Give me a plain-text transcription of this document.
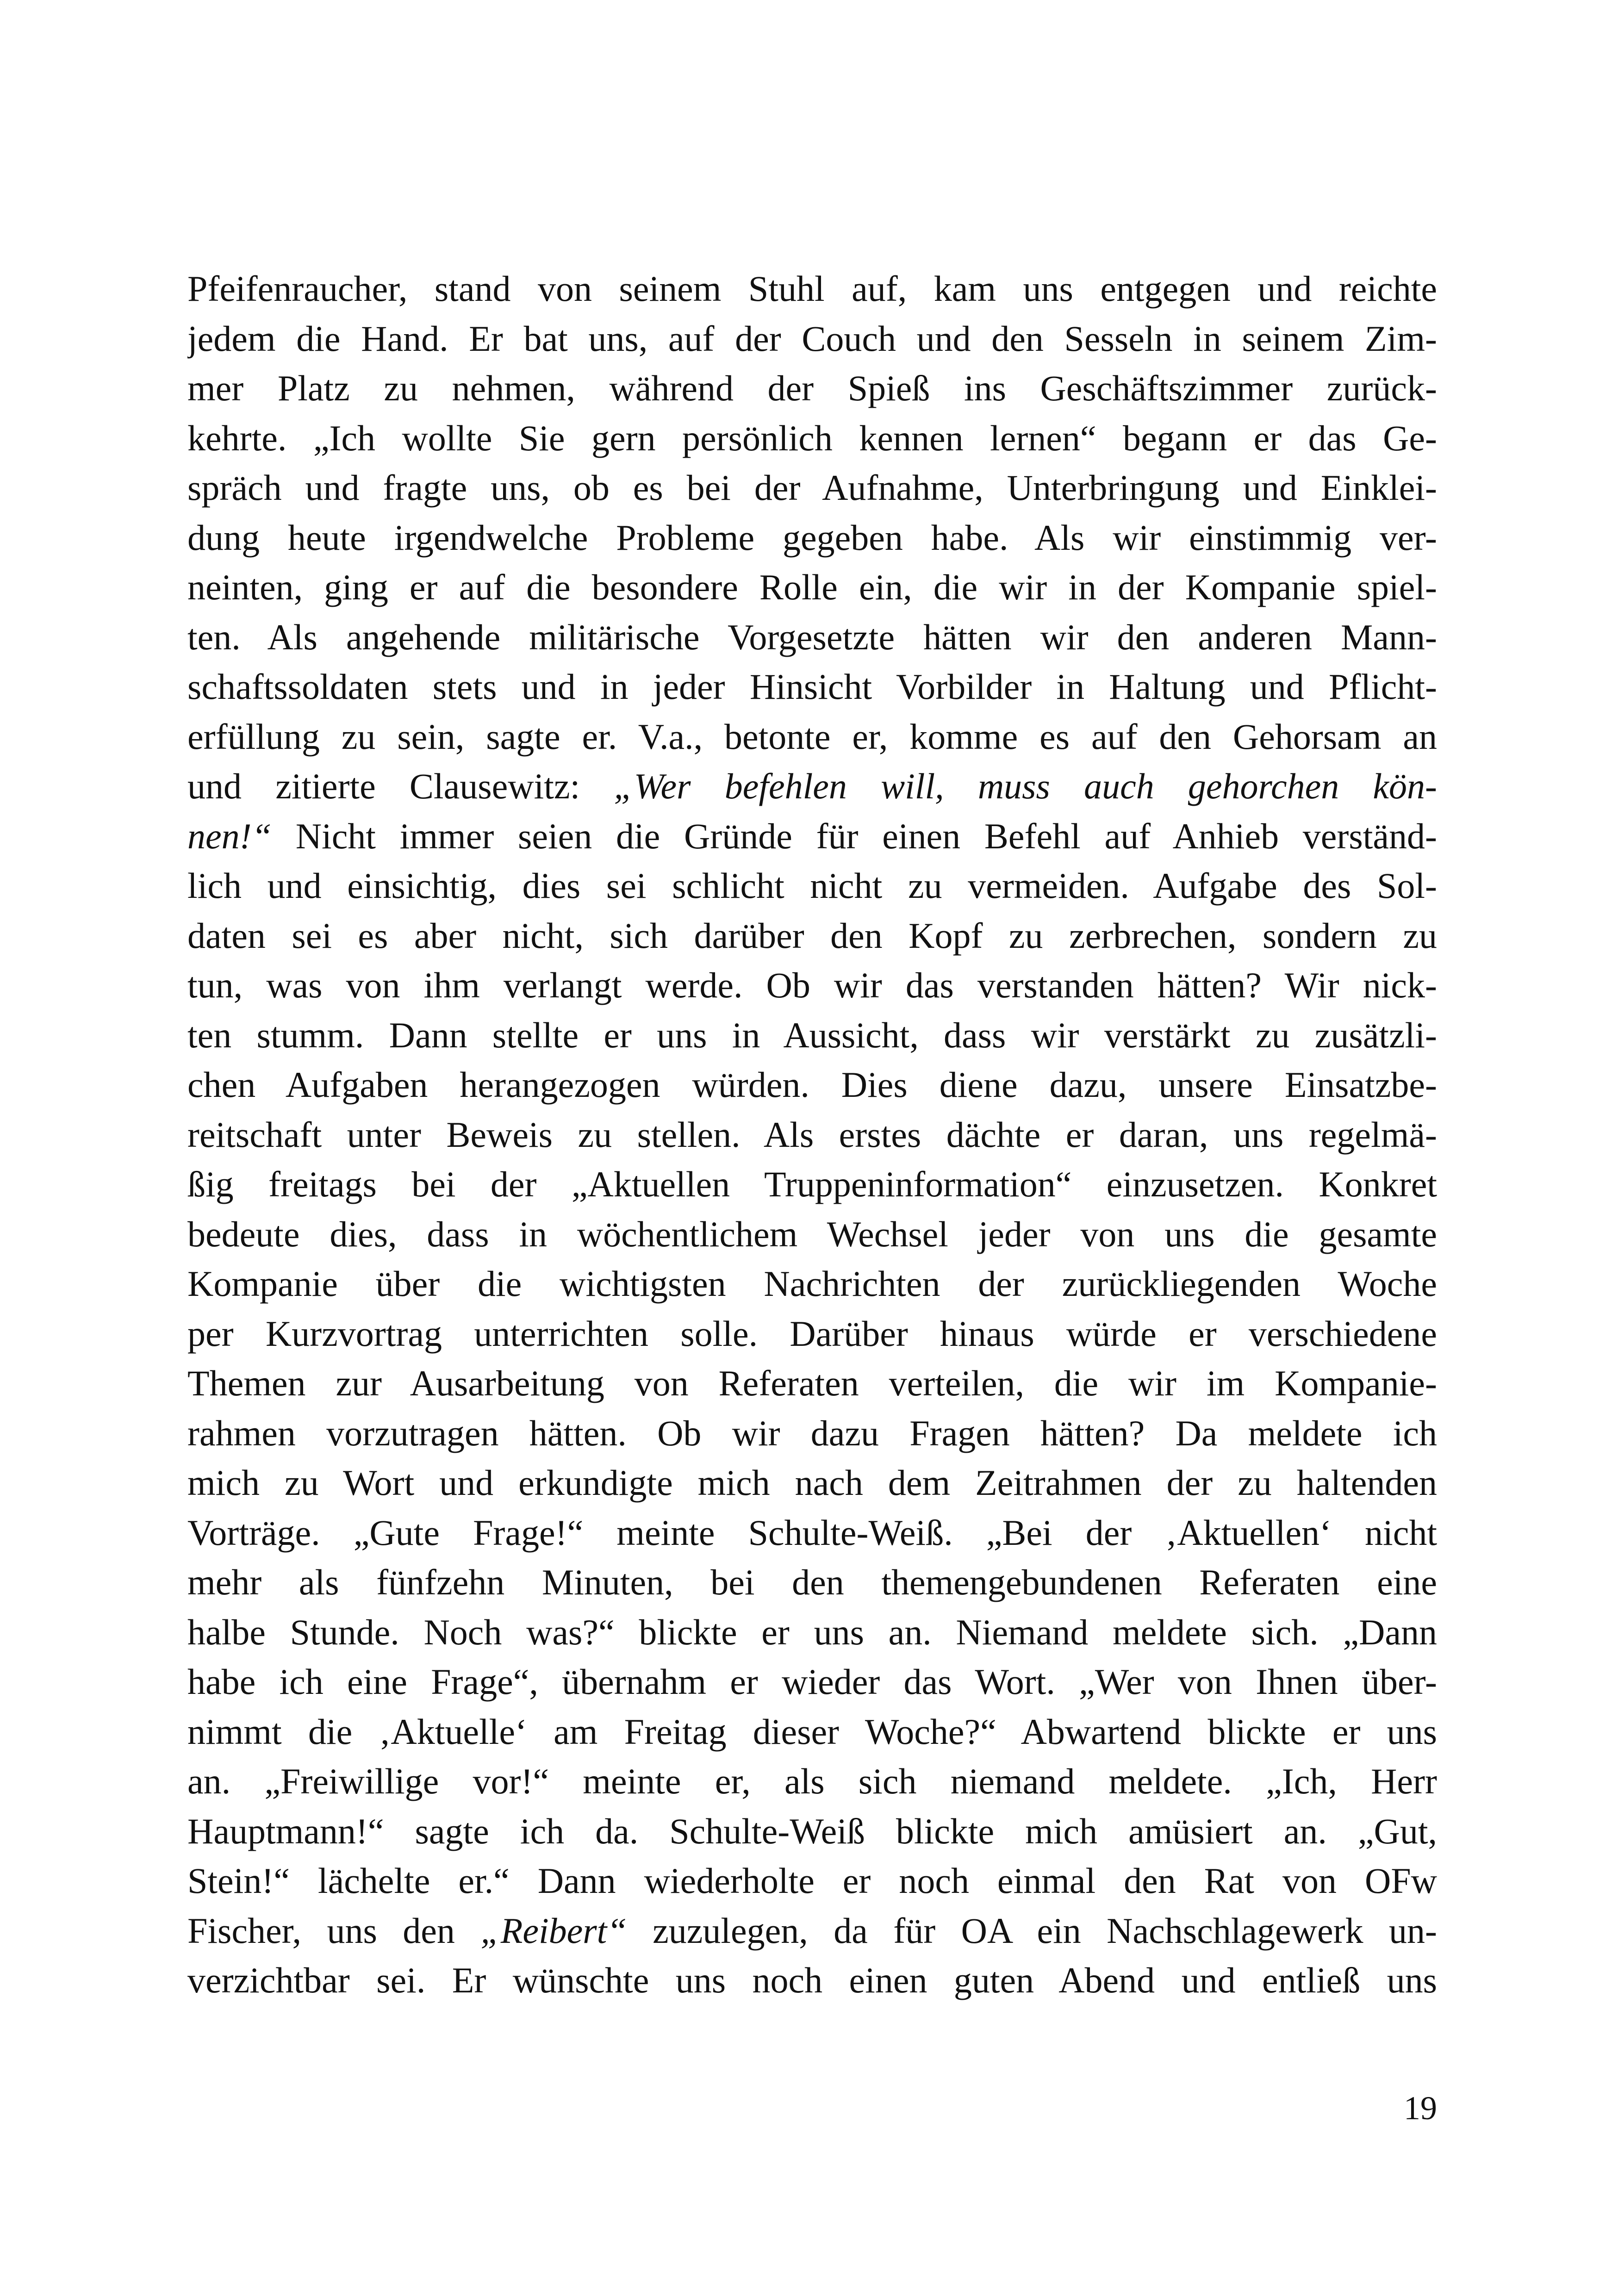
Pfeifenraucher, stand von seinem Stuhl auf, kam uns entgegen und reichte
jedem die Hand. Er bat uns, auf der Couch und den Sesseln in seinem Zim-
mer Platz zu nehmen, während der Spieß ins Geschäftszimmer zurück-
kehrte. „Ich wollte Sie gern persönlich kennen lernen“ begann er das Ge-
spräch und fragte uns, ob es bei der Aufnahme, Unterbringung und Einklei-
dung heute irgendwelche Probleme gegeben habe. Als wir einstimmig ver-
neinten, ging er auf die besondere Rolle ein, die wir in der Kompanie spiel-
ten. Als angehende militärische Vorgesetzte hätten wir den anderen Mann-
schaftssoldaten stets und in jeder Hinsicht Vorbilder in Haltung und Pflicht-
erfüllung zu sein, sagte er. V.a., betonte er, komme es auf den Gehorsam an
und zitierte Clausewitz: „Wer befehlen will, muss auch gehorchen kön-
nen!“ Nicht immer seien die Gründe für einen Befehl auf Anhieb verständ-
lich und einsichtig, dies sei schlicht nicht zu vermeiden. Aufgabe des Sol-
daten sei es aber nicht, sich darüber den Kopf zu zerbrechen, sondern zu
tun, was von ihm verlangt werde. Ob wir das verstanden hätten? Wir nick-
ten stumm. Dann stellte er uns in Aussicht, dass wir verstärkt zu zusätzli-
chen Aufgaben herangezogen würden. Dies diene dazu, unsere Einsatzbe-
reitschaft unter Beweis zu stellen. Als erstes dächte er daran, uns regelmä-
ßig freitags bei der „Aktuellen Truppeninformation“ einzusetzen. Konkret
bedeute dies, dass in wöchentlichem Wechsel jeder von uns die gesamte
Kompanie über die wichtigsten Nachrichten der zurückliegenden Woche
per Kurzvortrag unterrichten solle. Darüber hinaus würde er verschiedene
Themen zur Ausarbeitung von Referaten verteilen, die wir im Kompanie-
rahmen vorzutragen hätten. Ob wir dazu Fragen hätten? Da meldete ich
mich zu Wort und erkundigte mich nach dem Zeitrahmen der zu haltenden
Vorträge. „Gute Frage!“ meinte Schulte-Weiß. „Bei der ‚Aktuellen‘ nicht
mehr als fünfzehn Minuten, bei den themengebundenen Referaten eine
halbe Stunde. Noch was?“ blickte er uns an. Niemand meldete sich. „Dann
habe ich eine Frage“, übernahm er wieder das Wort. „Wer von Ihnen über-
nimmt die ‚Aktuelle‘ am Freitag dieser Woche?“ Abwartend blickte er uns
an. „Freiwillige vor!“ meinte er, als sich niemand meldete. „Ich, Herr
Hauptmann!“ sagte ich da. Schulte-Weiß blickte mich amüsiert an. „Gut,
Stein!“ lächelte er.“ Dann wiederholte er noch einmal den Rat von OFw
Fischer, uns den „Reibert“ zuzulegen, da für OA ein Nachschlagewerk un-
verzichtbar sei. Er wünschte uns noch einen guten Abend und entließ uns
19
